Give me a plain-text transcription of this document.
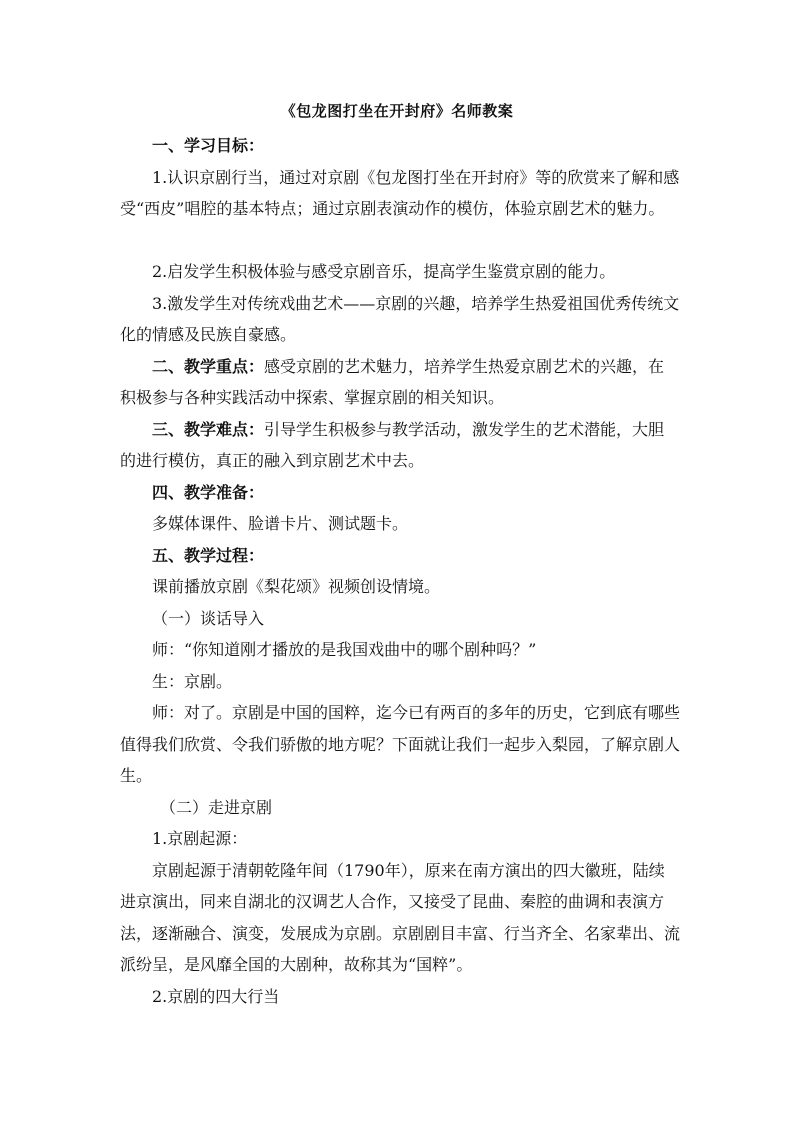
《包龙图打坐在开封府》名师教案

一、学习目标：

1.认识京剧行当，通过对京剧《包龙图打坐在开封府》等的欣赏来了解和感受“西皮”唱腔的基本特点；通过京剧表演动作的模仿，体验京剧艺术的魅力。

2.启发学生积极体验与感受京剧音乐，提高学生鉴赏京剧的能力。

3.激发学生对传统戏曲艺术——京剧的兴趣，培养学生热爱祖国优秀传统文化的情感及民族自豪感。

二、教学重点：感受京剧的艺术魅力，培养学生热爱京剧艺术的兴趣，在积极参与各种实践活动中探索、掌握京剧的相关知识。

三、教学难点：引导学生积极参与教学活动，激发学生的艺术潜能，大胆的进行模仿，真正的融入到京剧艺术中去。

四、教学准备：

多媒体课件、脸谱卡片、测试题卡。

五、教学过程：

课前播放京剧《梨花颂》视频创设情境。

（一）谈话导入

师：“你知道刚才播放的是我国戏曲中的哪个剧种吗？”

生：京剧。

师：对了。京剧是中国的国粹，迄今已有两百的多年的历史，它到底有哪些值得我们欣赏、令我们骄傲的地方呢？下面就让我们一起步入梨园，了解京剧人生。

（二）走进京剧

1.京剧起源：

京剧起源于清朝乾隆年间（1790年），原来在南方演出的四大徽班，陆续进京演出，同来自湖北的汉调艺人合作，又接受了昆曲、秦腔的曲调和表演方法，逐渐融合、演变，发展成为京剧。京剧剧目丰富、行当齐全、名家辈出、流派纷呈，是风靡全国的大剧种，故称其为“国粹”。

2.京剧的四大行当
